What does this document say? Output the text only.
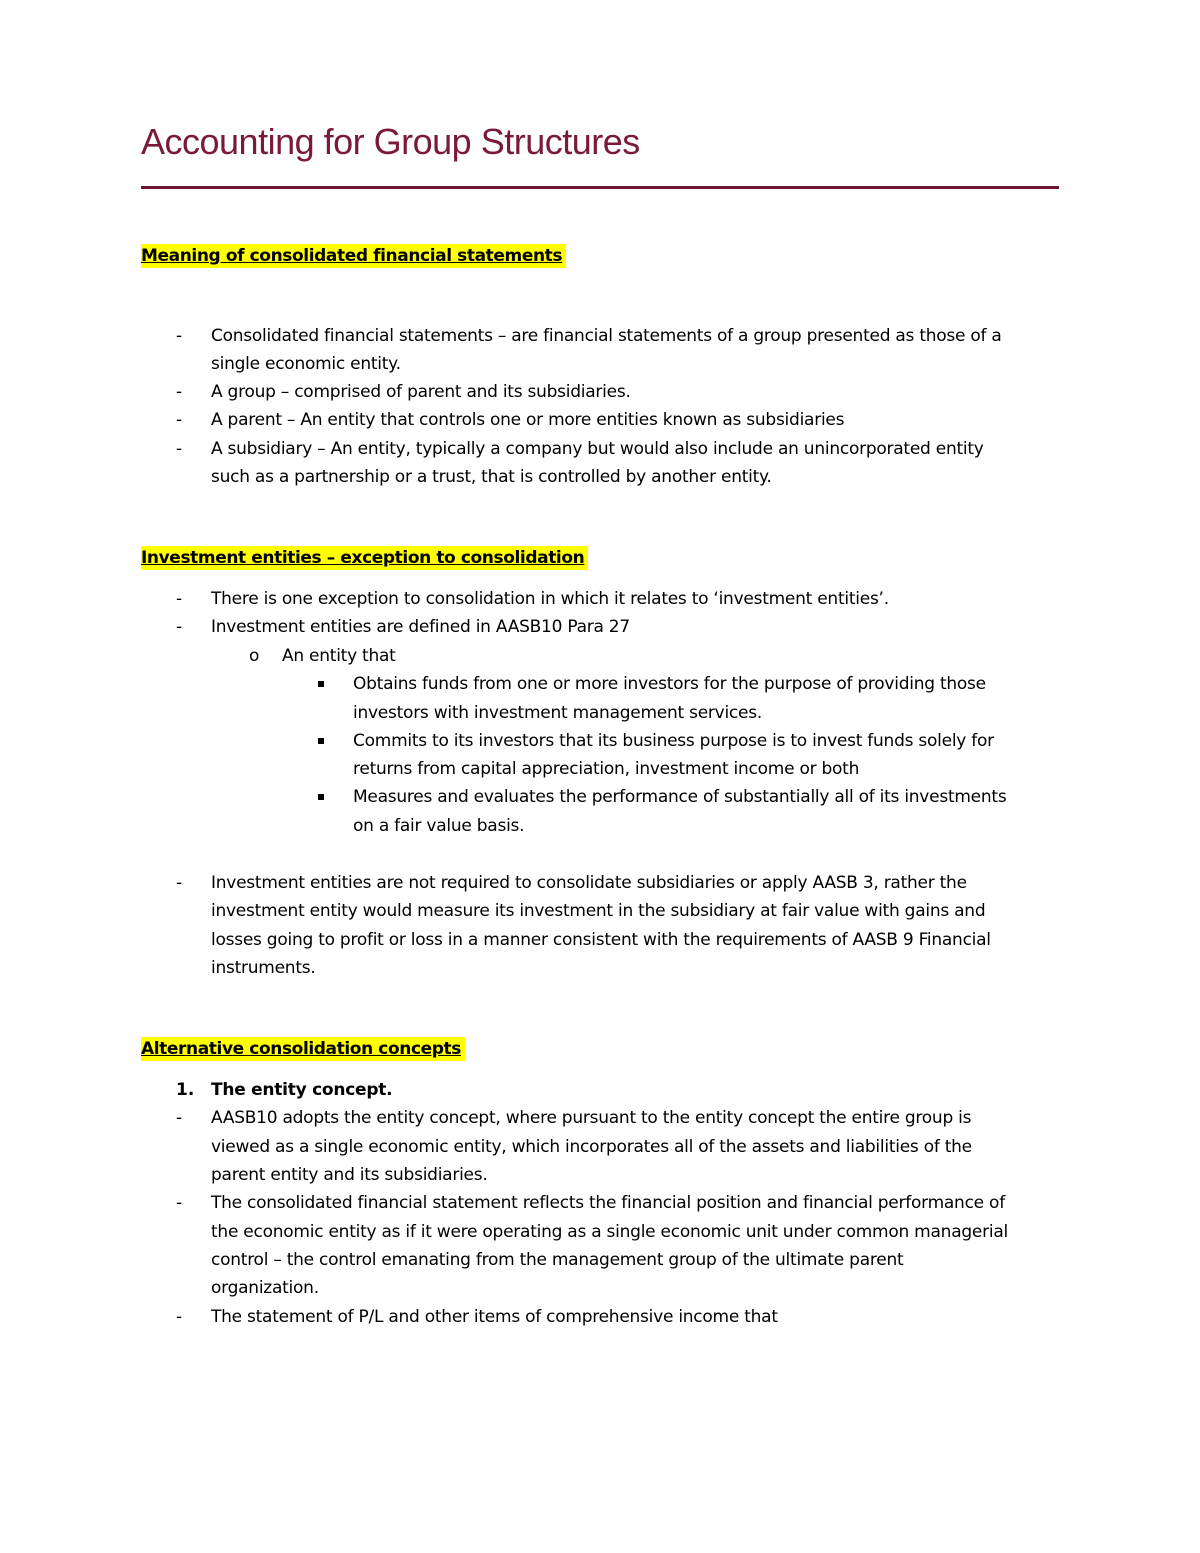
Accounting for Group Structures
Meaning of consolidated financial statements
- Consolidated financial statements – are financial statements of a group presented as those of a
single economic entity.
- A group – comprised of parent and its subsidiaries.
- A parent – An entity that controls one or more entities known as subsidiaries
- A subsidiary – An entity, typically a company but would also include an unincorporated entity
such as a partnership or a trust, that is controlled by another entity.
Investment entities – exception to consolidation
- There is one exception to consolidation in which it relates to ‘investment entities’.
- Investment entities are defined in AASB10 Para 27
o An entity that
Obtains funds from one or more investors for the purpose of providing those
investors with investment management services.
Commits to its investors that its business purpose is to invest funds solely for
returns from capital appreciation, investment income or both
Measures and evaluates the performance of substantially all of its investments
on a fair value basis.
- Investment entities are not required to consolidate subsidiaries or apply AASB 3, rather the
investment entity would measure its investment in the subsidiary at fair value with gains and
losses going to profit or loss in a manner consistent with the requirements of AASB 9 Financial
instruments.
Alternative consolidation concepts
1. The entity concept.
- AASB10 adopts the entity concept, where pursuant to the entity concept the entire group is
viewed as a single economic entity, which incorporates all of the assets and liabilities of the
parent entity and its subsidiaries.
- The consolidated financial statement reflects the financial position and financial performance of
the economic entity as if it were operating as a single economic unit under common managerial
control – the control emanating from the management group of the ultimate parent
organization.
- The statement of P/L and other items of comprehensive income that
